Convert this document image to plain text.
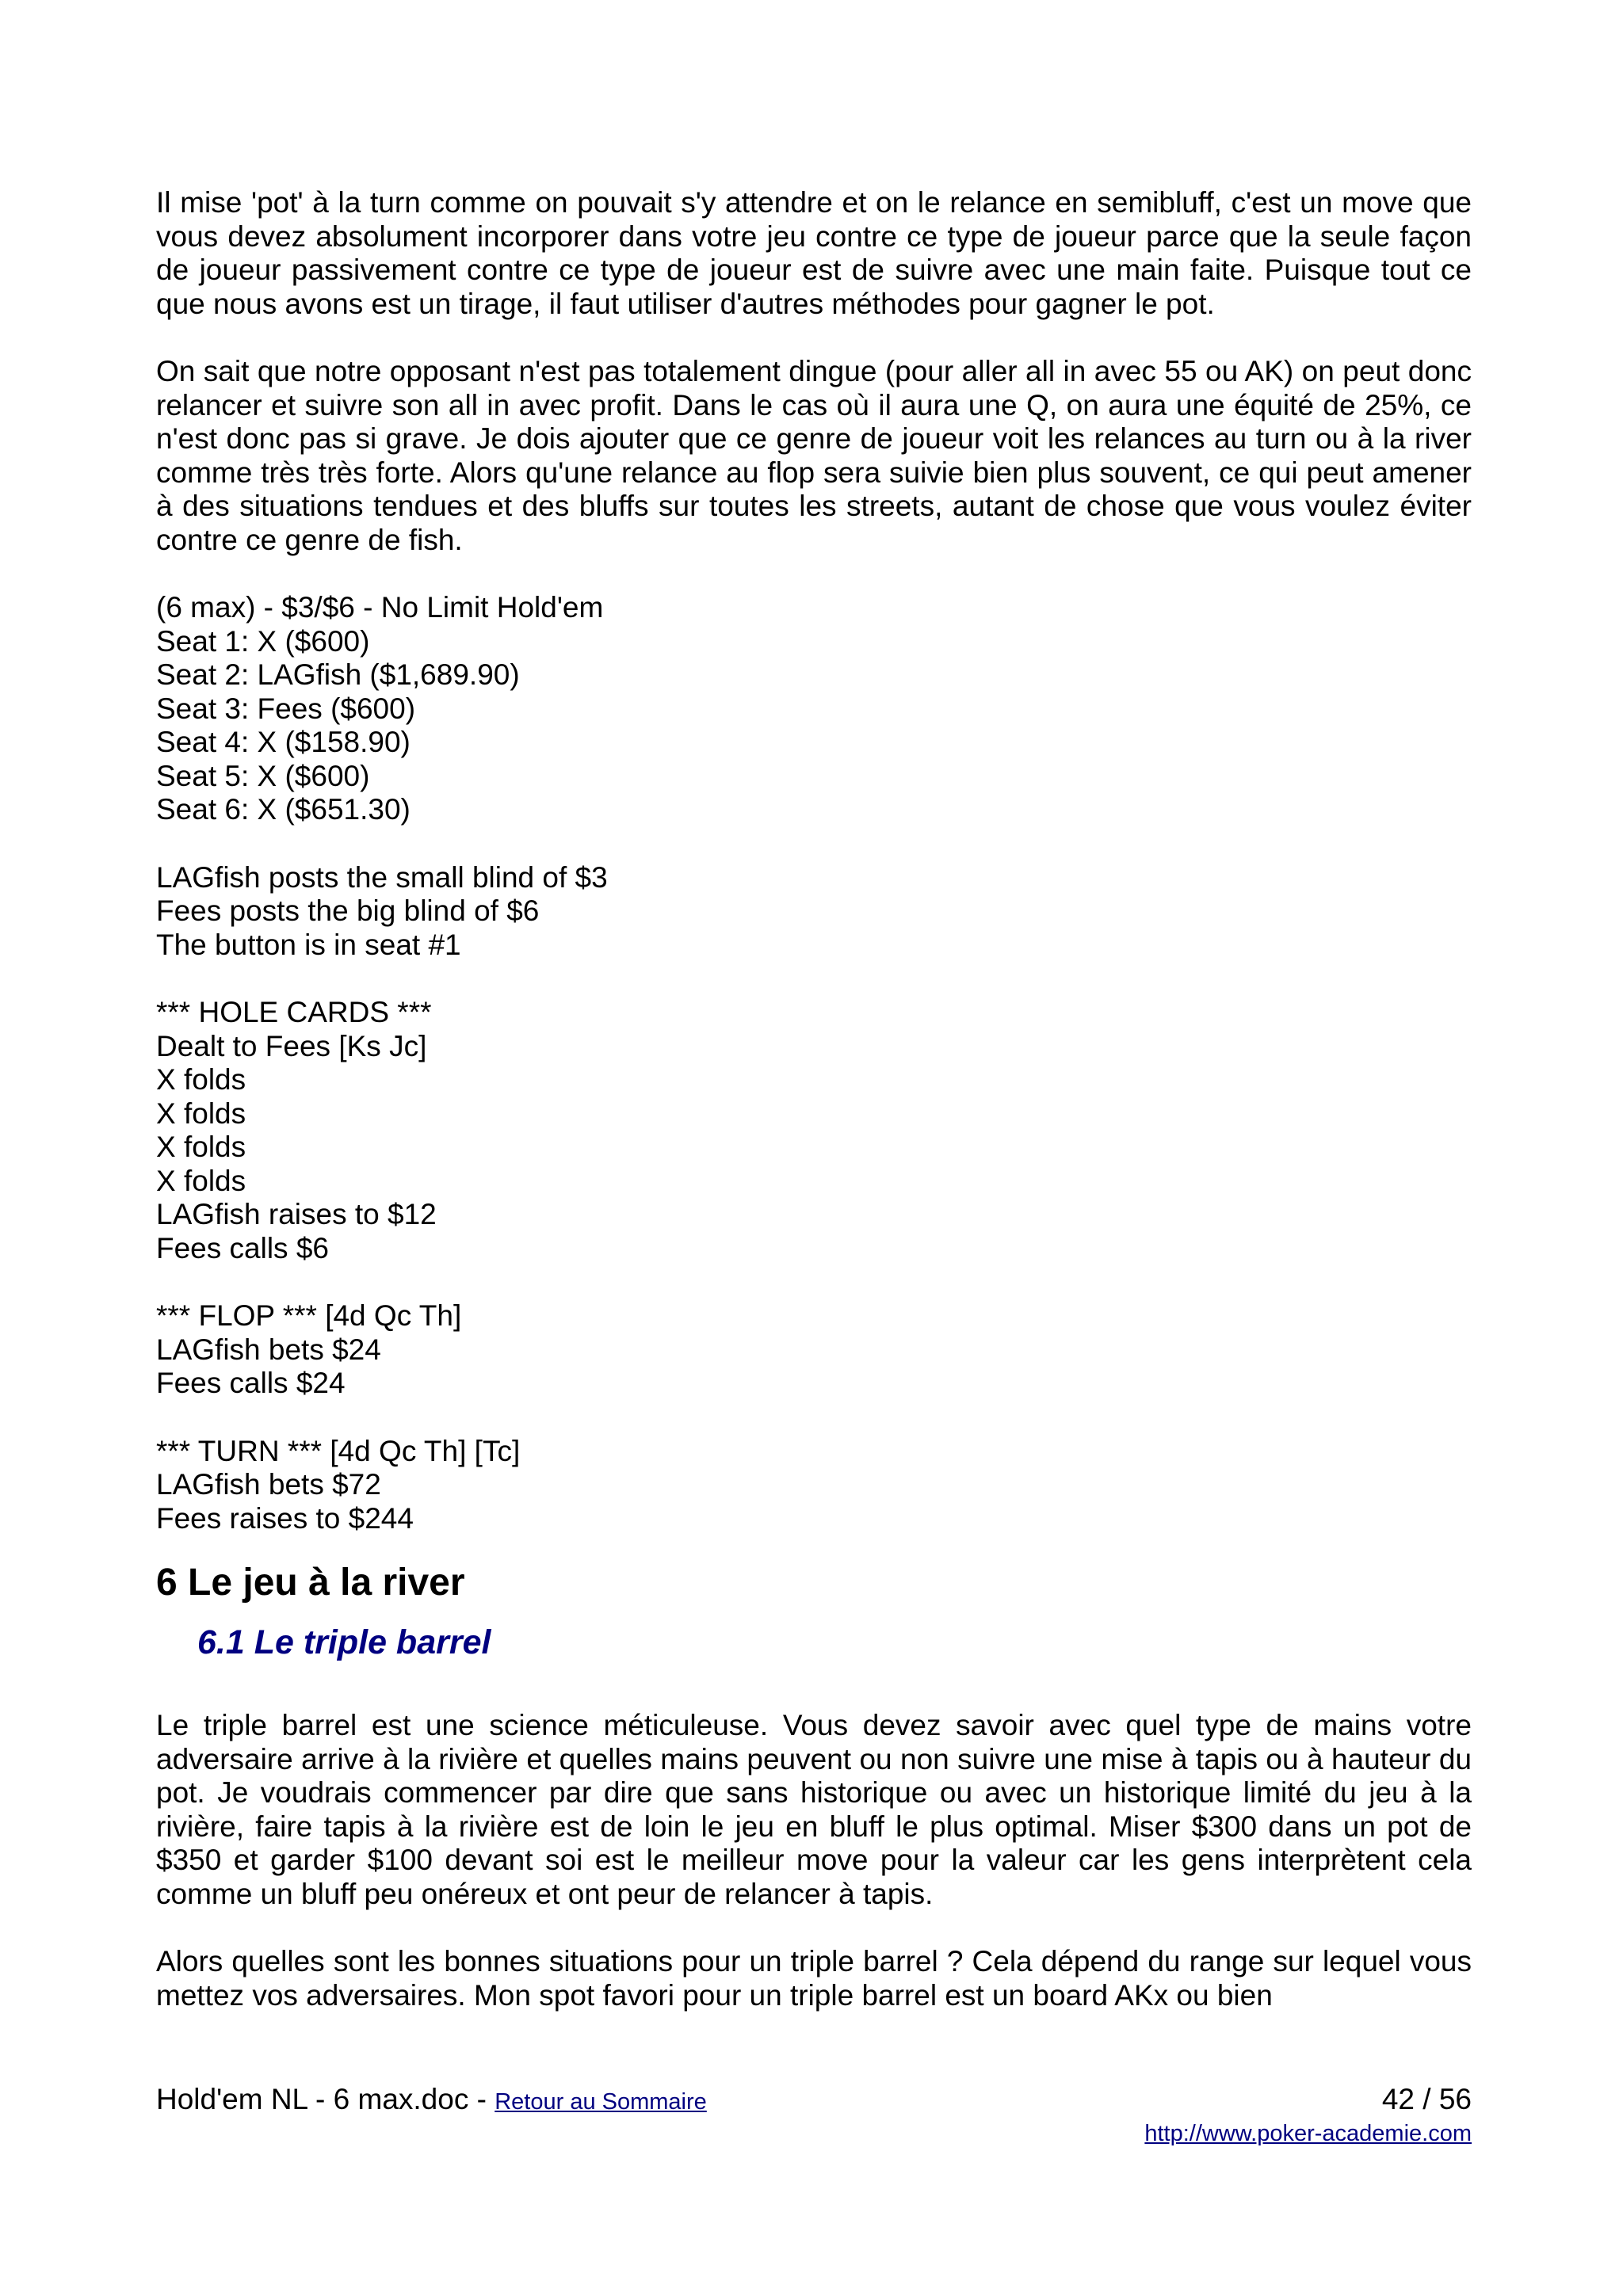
Il mise 'pot' à la turn comme on pouvait s'y attendre et on le relance en semibluff, c'est un move que vous devez absolument incorporer dans votre jeu contre ce type de joueur parce que la seule façon de joueur passivement contre ce type de joueur est de suivre avec une main faite. Puisque tout ce que nous avons est un tirage, il faut utiliser d'autres méthodes pour gagner le pot.
On sait que notre opposant n'est pas totalement dingue (pour aller all in avec 55 ou AK) on peut donc relancer et suivre son all in avec profit. Dans le cas où il aura une Q, on aura une équité de 25%, ce n'est donc pas si grave. Je dois ajouter que ce genre de joueur voit les relances au turn ou à la river comme très très forte. Alors qu'une relance au flop sera suivie bien plus souvent, ce qui peut amener à des situations tendues et des bluffs sur toutes les streets, autant de chose que vous voulez éviter contre ce genre de fish.
(6 max) - $3/$6 - No Limit Hold'em
Seat 1: X ($600)
Seat 2: LAGfish ($1,689.90)
Seat 3: Fees ($600)
Seat 4: X ($158.90)
Seat 5: X ($600)
Seat 6: X ($651.30)
LAGfish posts the small blind of $3
Fees posts the big blind of $6
The button is in seat #1
*** HOLE CARDS ***
Dealt to Fees [Ks Jc]
X folds
X folds
X folds
X folds
LAGfish raises to $12
Fees calls $6
*** FLOP *** [4d Qc Th]
LAGfish bets $24
Fees calls $24
*** TURN *** [4d Qc Th] [Tc]
LAGfish bets $72
Fees raises to $244
6 Le jeu à la river
6.1 Le triple barrel
Le triple barrel est une science méticuleuse. Vous devez savoir avec quel type de mains votre adversaire arrive à la rivière et quelles mains peuvent ou non suivre une mise à tapis ou à hauteur du pot. Je voudrais commencer par dire que sans historique ou avec un historique limité du jeu à la rivière, faire tapis à la rivière est de loin le jeu en bluff le plus optimal. Miser $300 dans un pot de $350 et garder $100 devant soi est le meilleur move pour la valeur car les gens interprètent cela comme un bluff peu onéreux et ont peur de relancer à tapis.
Alors quelles sont les bonnes situations pour un triple barrel ? Cela dépend du range sur lequel vous mettez vos adversaires. Mon spot favori pour un triple barrel est un board AKx ou bien
Hold'em NL - 6 max.doc - Retour au Sommaire	42 / 56
http://www.poker-academie.com
